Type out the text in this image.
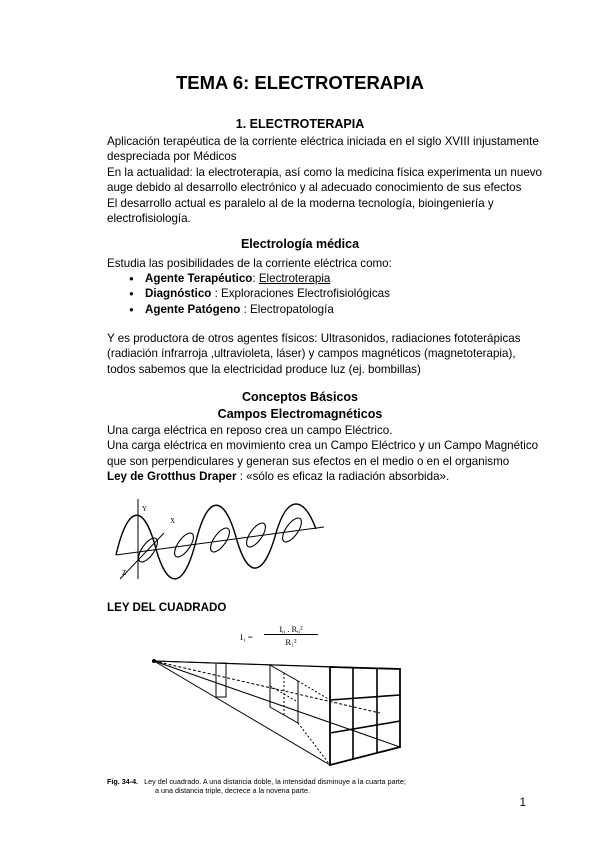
TEMA 6: ELECTROTERAPIA
1. ELECTROTERAPIA
Aplicación terapéutica de la corriente eléctrica iniciada en el siglo XVIII injustamente
despreciada por Médicos
En la actualidad: la electroterapia, así como la medicina física experimenta un nuevo
auge debido al desarrollo electrónico y al adecuado conocimiento de sus efectos
El desarrollo actual es paralelo al de la moderna tecnología, bioingeniería y
electrofisiología.
Electrología médica
Estudia las posibilidades de la corriente eléctrica como:
● Agente Terapéutico: Electroterapia
● Diagnóstico : Exploraciones Electrofisiológicas
● Agente Patógeno : Electropatología
Y es productora de otros agentes físicos: Ultrasonidos, radiaciones fototerápicas
(radiación ínfrarroja ,ultravioleta, láser) y campos magnéticos (magnetoterapia),
todos sabemos que la electricidad produce luz (ej. bombillas)
Conceptos Básicos
Campos Electromagnéticos
Una carga eléctrica en reposo crea un campo Eléctrico.
Una carga eléctrica en movimiento crea un Campo Eléctrico y un Campo Magnético
que son perpendiculares y generan sus efectos en el medio o en el organismo
Ley de Grotthus Draper : «sólo es eficaz la radiación absorbida».
Y
X
Z
LEY DEL CUADRADO
I₁ =
I₀ . R₀²
R₁²
Fig. 34-4. Ley del cuadrado. A una distancia doble, la intensidad disminuye a la cuarta parte;
a una distancia triple, decrece a la novena parte.
1
